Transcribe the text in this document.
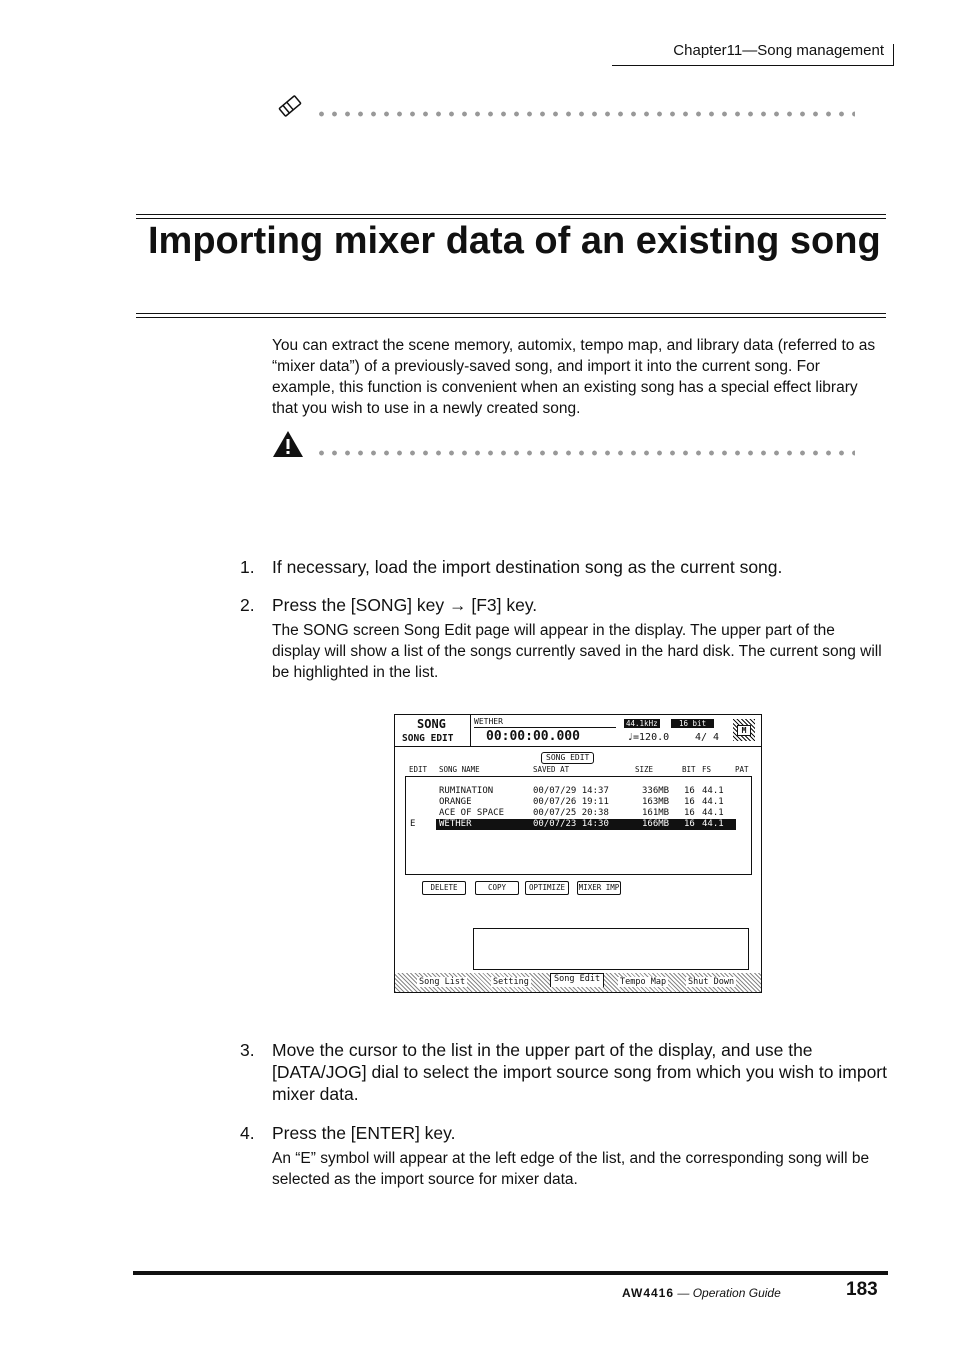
Chapter11—Song management
Importing mixer data of an existing song
You can extract the scene memory, automix, tempo map, and library data (referred to as “mixer data”) of a previously-saved song, and import it into the current song. For example, this function is convenient when an existing song has a special effect library that you wish to use in a newly created song.
1. If necessary, load the import destination song as the current song.
2. Press the [SONG] key → [F3] key.
The SONG screen Song Edit page will appear in the display. The upper part of the display will show a list of the songs currently saved in the hard disk. The current song will be highlighted in the list.
SONG
SONG EDIT
WETHER
00:00:00.000
44.1kHz	16 bit
♩=120.0	4/ 4
M
SONG EDIT
EDIT SONG NAME	SAVED AT	SIZE	BIT FS	PAT
RUMINATION	00/07/29 14:37	336MB 16 44.1
ORANGE	00/07/26 19:11	163MB 16 44.1
ACE OF SPACE	00/07/25 20:38	161MB 16 44.1
E	WETHER	00/07/23 14:30	166MB 16 44.1
DELETE	COPY	OPTIMIZE	MIXER IMP
Song List	Setting	Song Edit	Tempo Map	Shut Down
3. Move the cursor to the list in the upper part of the display, and use the [DATA/JOG] dial to select the import source song from which you wish to import mixer data.
4. Press the [ENTER] key.
An “E” symbol will appear at the left edge of the list, and the corresponding song will be selected as the import source for mixer data.
AW4416 — Operation Guide	183
